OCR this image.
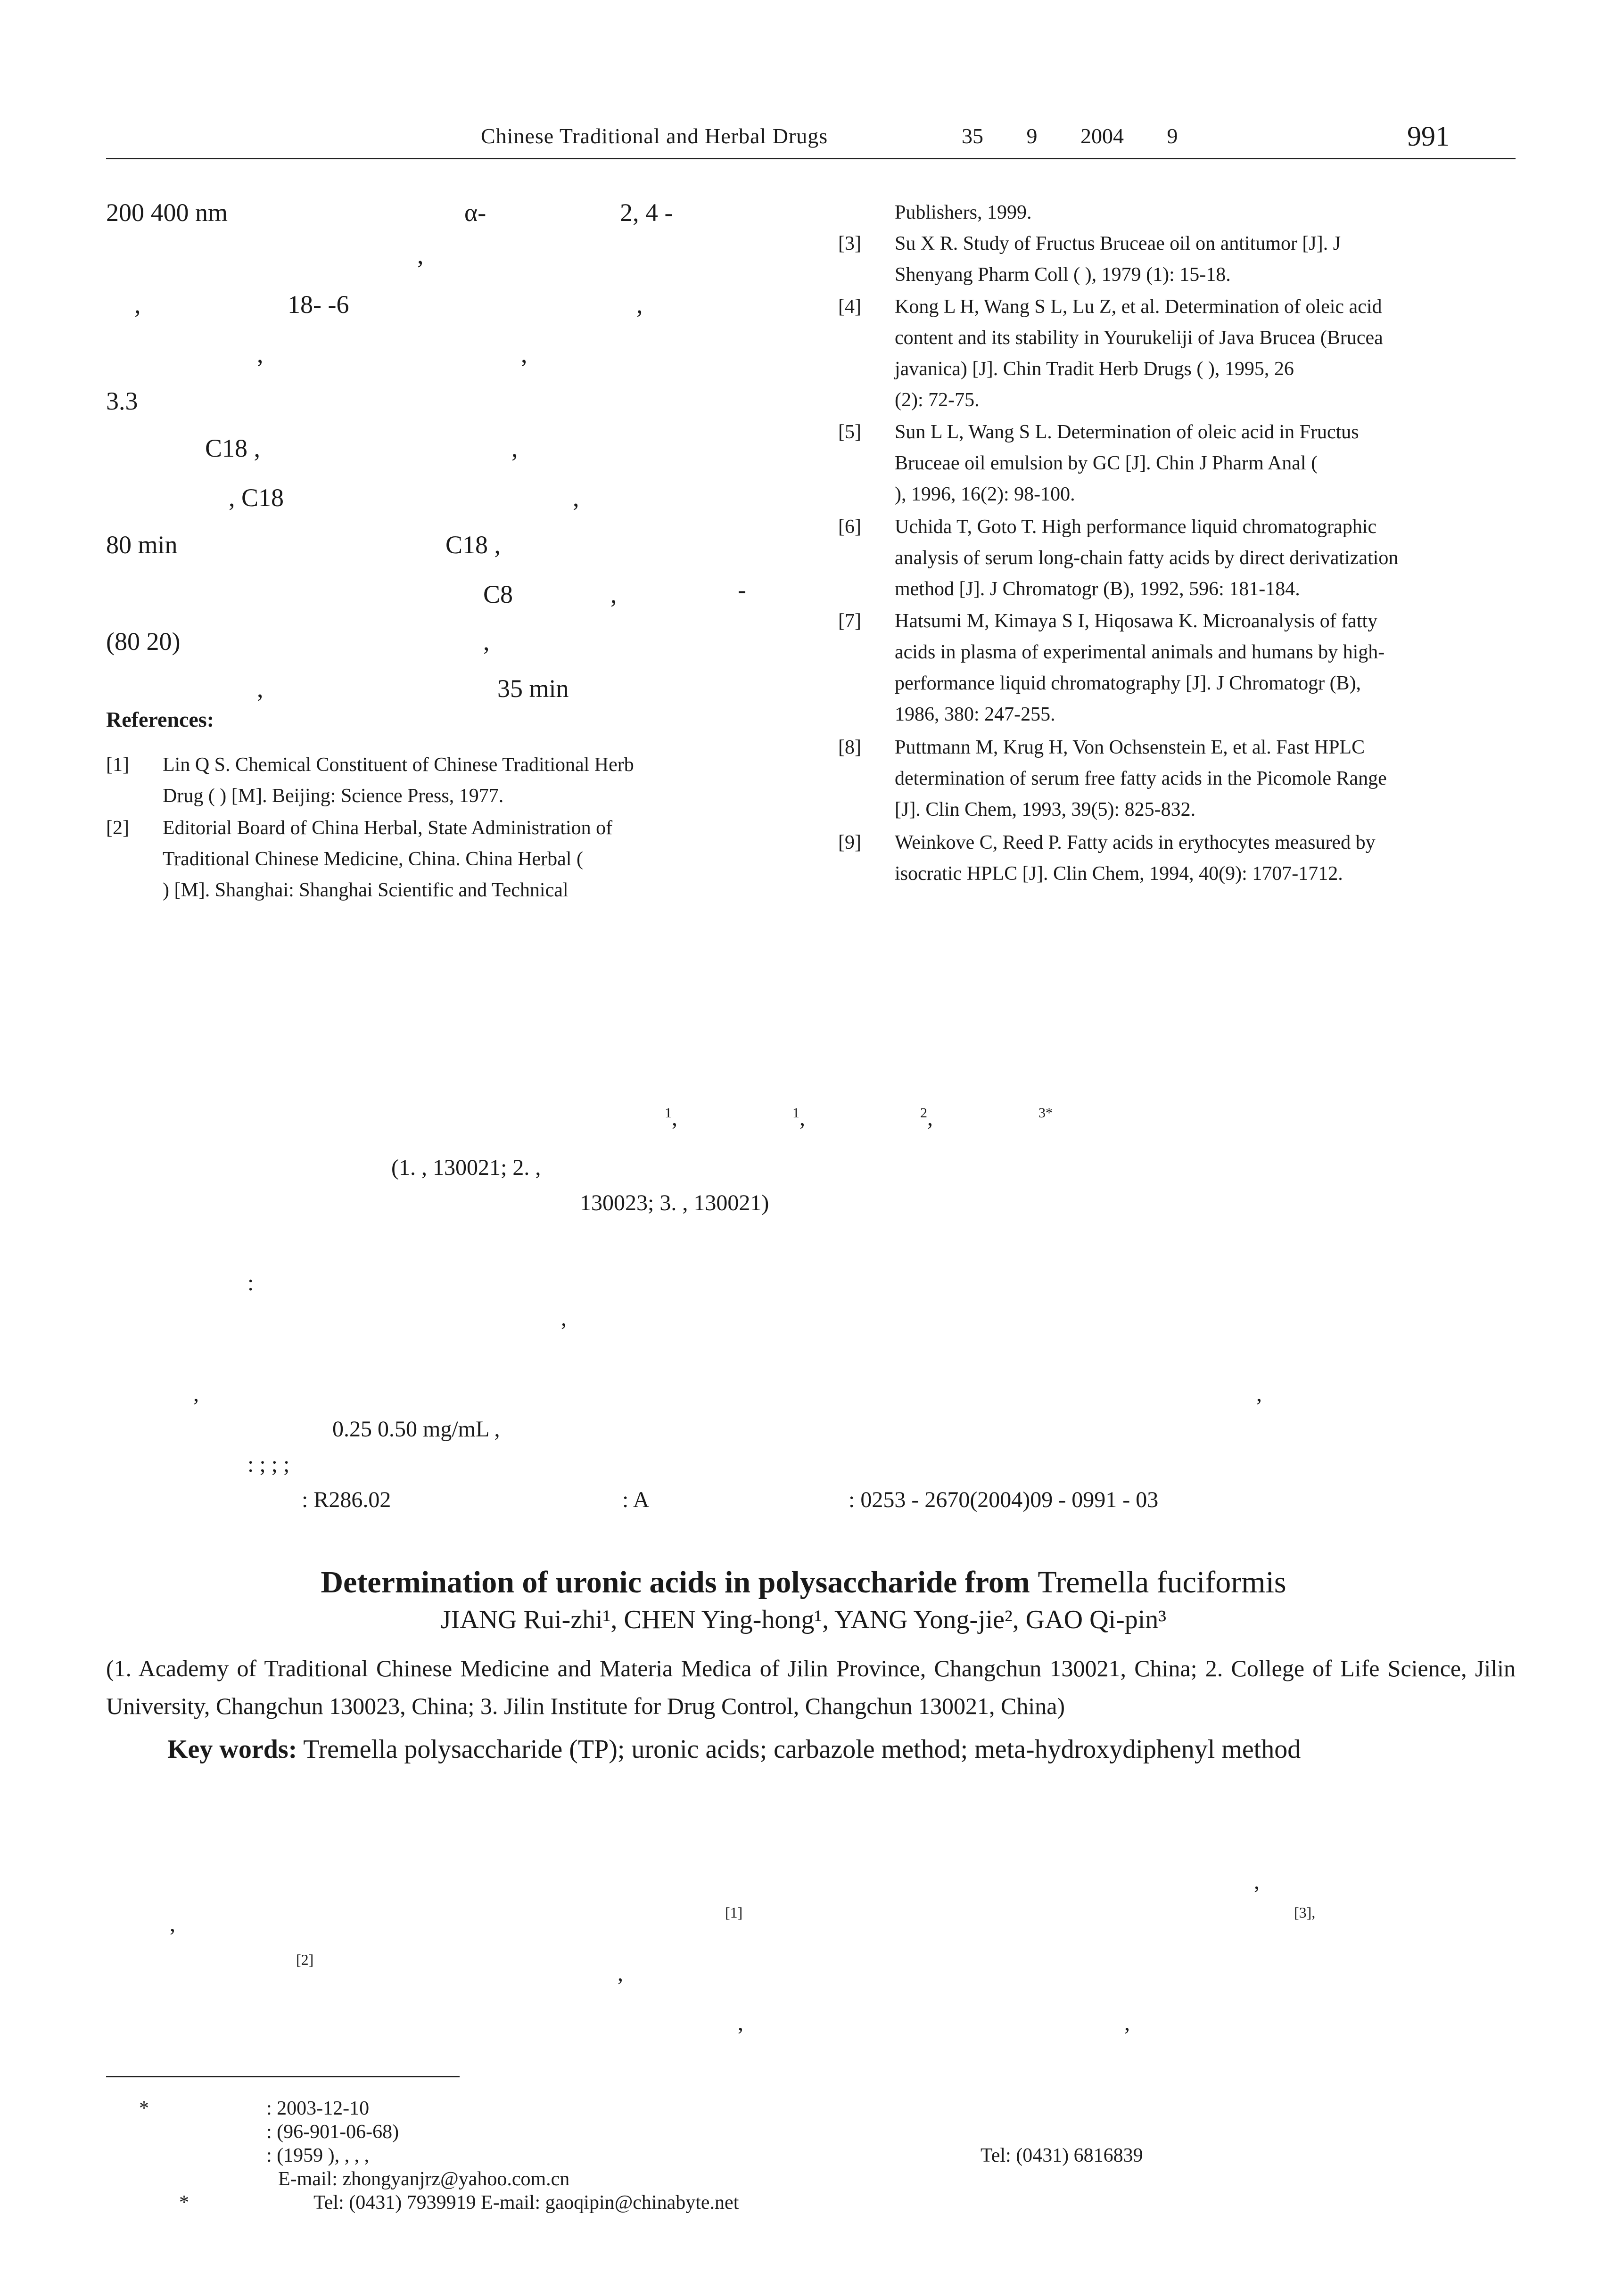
Chinese Traditional and Herbal Drugs	35 9 2004 9	991
200 400 nm	α-	2, 4 -
,
,	18- -6	,
,	,
3.3
C18 ,	,
, C18	,
80 min	C18 ,
C8	,	-
(80 20)	,
,	35 min
References:
[1] Lin Q S. Chemical Constituent of Chinese Traditional Herb
Drug ( ) [M]. Beijing: Science Press, 1977.
[2] Editorial Board of China Herbal, State Administration of
Traditional Chinese Medicine, China. China Herbal (
) [M]. Shanghai: Shanghai Scientific and Technical
Publishers, 1999.
[3] Su X R. Study of Fructus Bruceae oil on antitumor [J]. J
Shenyang Pharm Coll ( ), 1979 (1): 15-18.
[4] Kong L H, Wang S L, Lu Z, et al. Determination of oleic acid
content and its stability in Yourukeliji of Java Brucea (Brucea
javanica) [J]. Chin Tradit Herb Drugs ( ), 1995, 26
(2): 72-75.
[5] Sun L L, Wang S L. Determination of oleic acid in Fructus
Bruceae oil emulsion by GC [J]. Chin J Pharm Anal (
), 1996, 16(2): 98-100.
[6] Uchida T, Goto T. High performance liquid chromatographic
analysis of serum long-chain fatty acids by direct derivatization
method [J]. J Chromatogr (B), 1992, 596: 181-184.
[7] Hatsumi M, Kimaya S I, Hiqosawa K. Microanalysis of fatty
acids in plasma of experimental animals and humans by high-
performance liquid chromatography [J]. J Chromatogr (B),
1986, 380: 247-255.
[8] Puttmann M, Krug H, Von Ochsenstein E, et al. Fast HPLC
determination of serum free fatty acids in the Picomole Range
[J]. Clin Chem, 1993, 39(5): 825-832.
[9] Weinkove C, Reed P. Fatty acids in erythocytes measured by
isocratic HPLC [J]. Clin Chem, 1994, 40(9): 1707-1712.
$^1$,	$^1$,	$^2$,	$^{3*}$
(1. , 130021; 2. ,
130023; 3. , 130021)
:
,
,	,
0.25 0.50 mg/mL ,
: ; ; ;
: R286.02	: A	: 0253 - 2670(2004)09 - 0991 - 03
Determination of uronic acids in polysaccharide from Tremella fuciformis
JIANG Rui-zhi¹, CHEN Ying-hong¹, YANG Yong-jie², GAO Qi-pin³
(1. Academy of Traditional Chinese Medicine and Materia Medica of Jilin Province, Changchun 130021, China; 2. College of Life Science, Jilin University, Changchun 130023, China; 3. Jilin Institute for Drug Control, Changchun 130021, China)
Key words: Tremella polysaccharide (TP); uronic acids; carbazole method; meta-hydroxydiphenyl method
,
,	[1]	[3],
[2]
,
,	,
*	: 2003-12-10
: (96-901-06-68)
: (1959 ), , , ,	Tel: (0431) 6816839
E-mail: zhongyanjrz@yahoo.com.cn
*	Tel: (0431) 7939919 E-mail: gaoqipin@chinabyte.net
